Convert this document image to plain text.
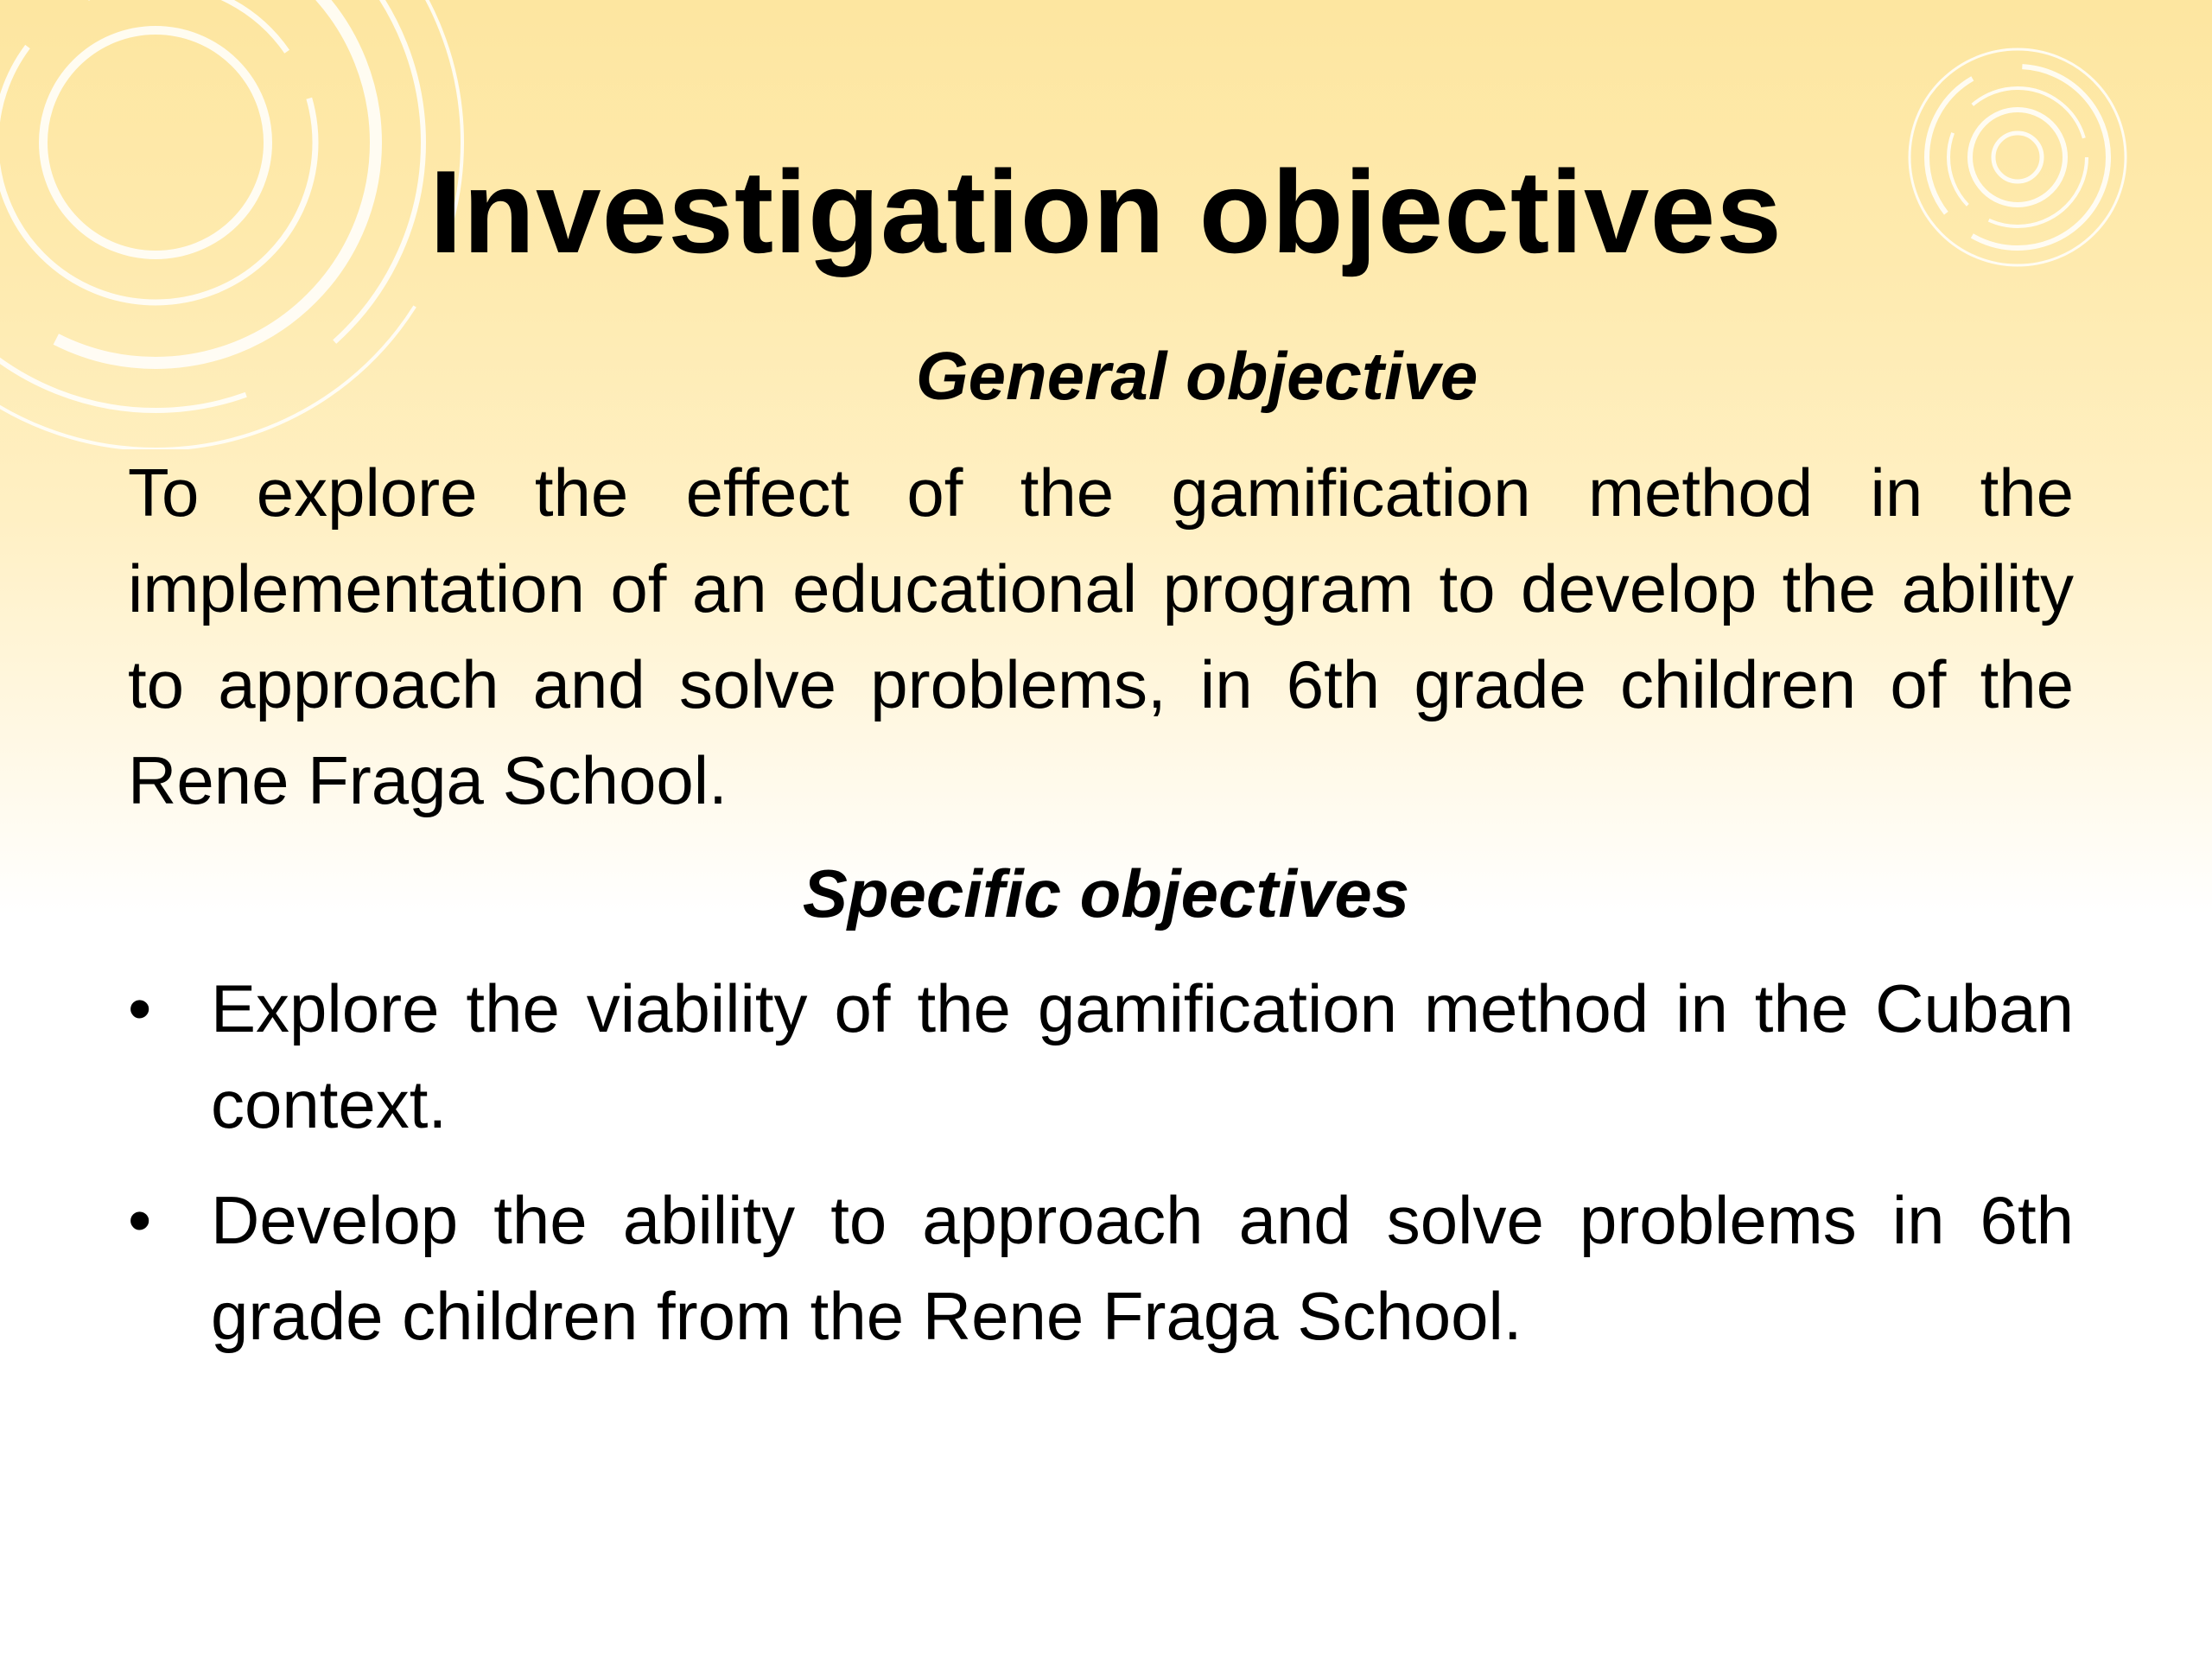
Investigation objectives
General objective
To explore the effect of the gamification method in the implementation of an educational program to develop the ability to approach and solve problems, in 6th grade children of the Rene Fraga School.
Specific objectives
• Explore the viability of the gamification method in the Cuban context.
• Develop the ability to approach and solve problems in 6th grade children from the Rene Fraga School.
